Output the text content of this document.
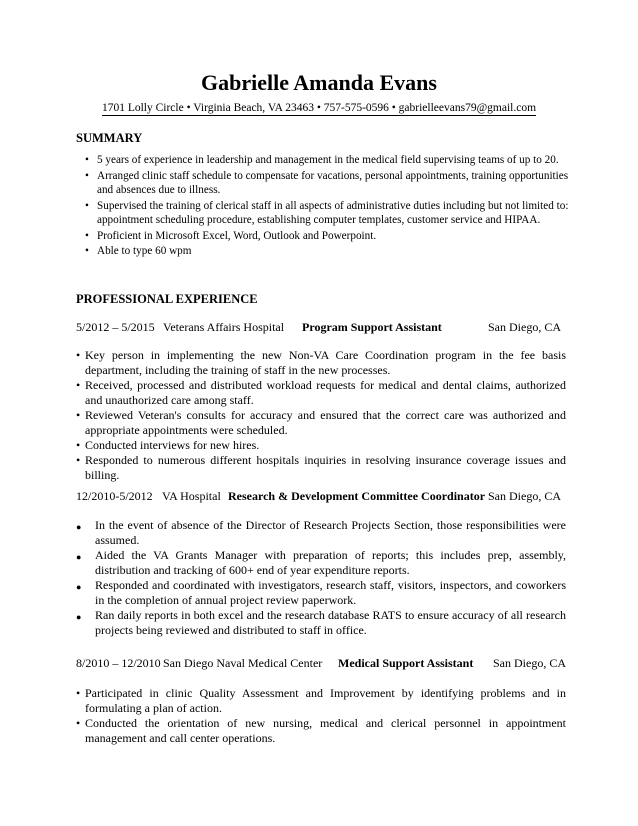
Gabrielle Amanda Evans
1701 Lolly Circle • Virginia Beach, VA 23463 • 757-575-0596 • gabrielleevans79@gmail.com
SUMMARY
• 5 years of experience in leadership and management in the medical field supervising teams of up to 20.
• Arranged clinic staff schedule to compensate for vacations, personal appointments, training opportunities and absences due to illness.
• Supervised the training of clerical staff in all aspects of administrative duties including but not limited to: appointment scheduling procedure, establishing computer templates, customer service and HIPAA.
• Proficient in Microsoft Excel, Word, Outlook and Powerpoint.
• Able to type 60 wpm
PROFESSIONAL EXPERIENCE
5/2012 – 5/2015 Veterans Affairs Hospital Program Support Assistant	San Diego, CA
• Key person in implementing the new Non-VA Care Coordination program in the fee basis department, including the training of staff in the new processes.
• Received, processed and distributed workload requests for medical and dental claims, authorized and unauthorized care among staff.
• Reviewed Veteran's consults for accuracy and ensured that the correct care was authorized and appropriate appointments were scheduled.
• Conducted interviews for new hires.
• Responded to numerous different hospitals inquiries in resolving insurance coverage issues and billing.
12/2010-5/2012 VA Hospital Research & Development Committee Coordinator San Diego, CA
● In the event of absence of the Director of Research Projects Section, those responsibilities were assumed.
● Aided the VA Grants Manager with preparation of reports; this includes prep, assembly, distribution and tracking of 600+ end of year expenditure reports.
● Responded and coordinated with investigators, research staff, visitors, inspectors, and coworkers in the completion of annual project review paperwork.
● Ran daily reports in both excel and the research database RATS to ensure accuracy of all research projects being reviewed and distributed to staff in office.
8/2010 – 12/2010 San Diego Naval Medical Center Medical Support Assistant San Diego, CA
• Participated in clinic Quality Assessment and Improvement by identifying problems and in formulating a plan of action.
• Conducted the orientation of new nursing, medical and clerical personnel in appointment management and call center operations.
